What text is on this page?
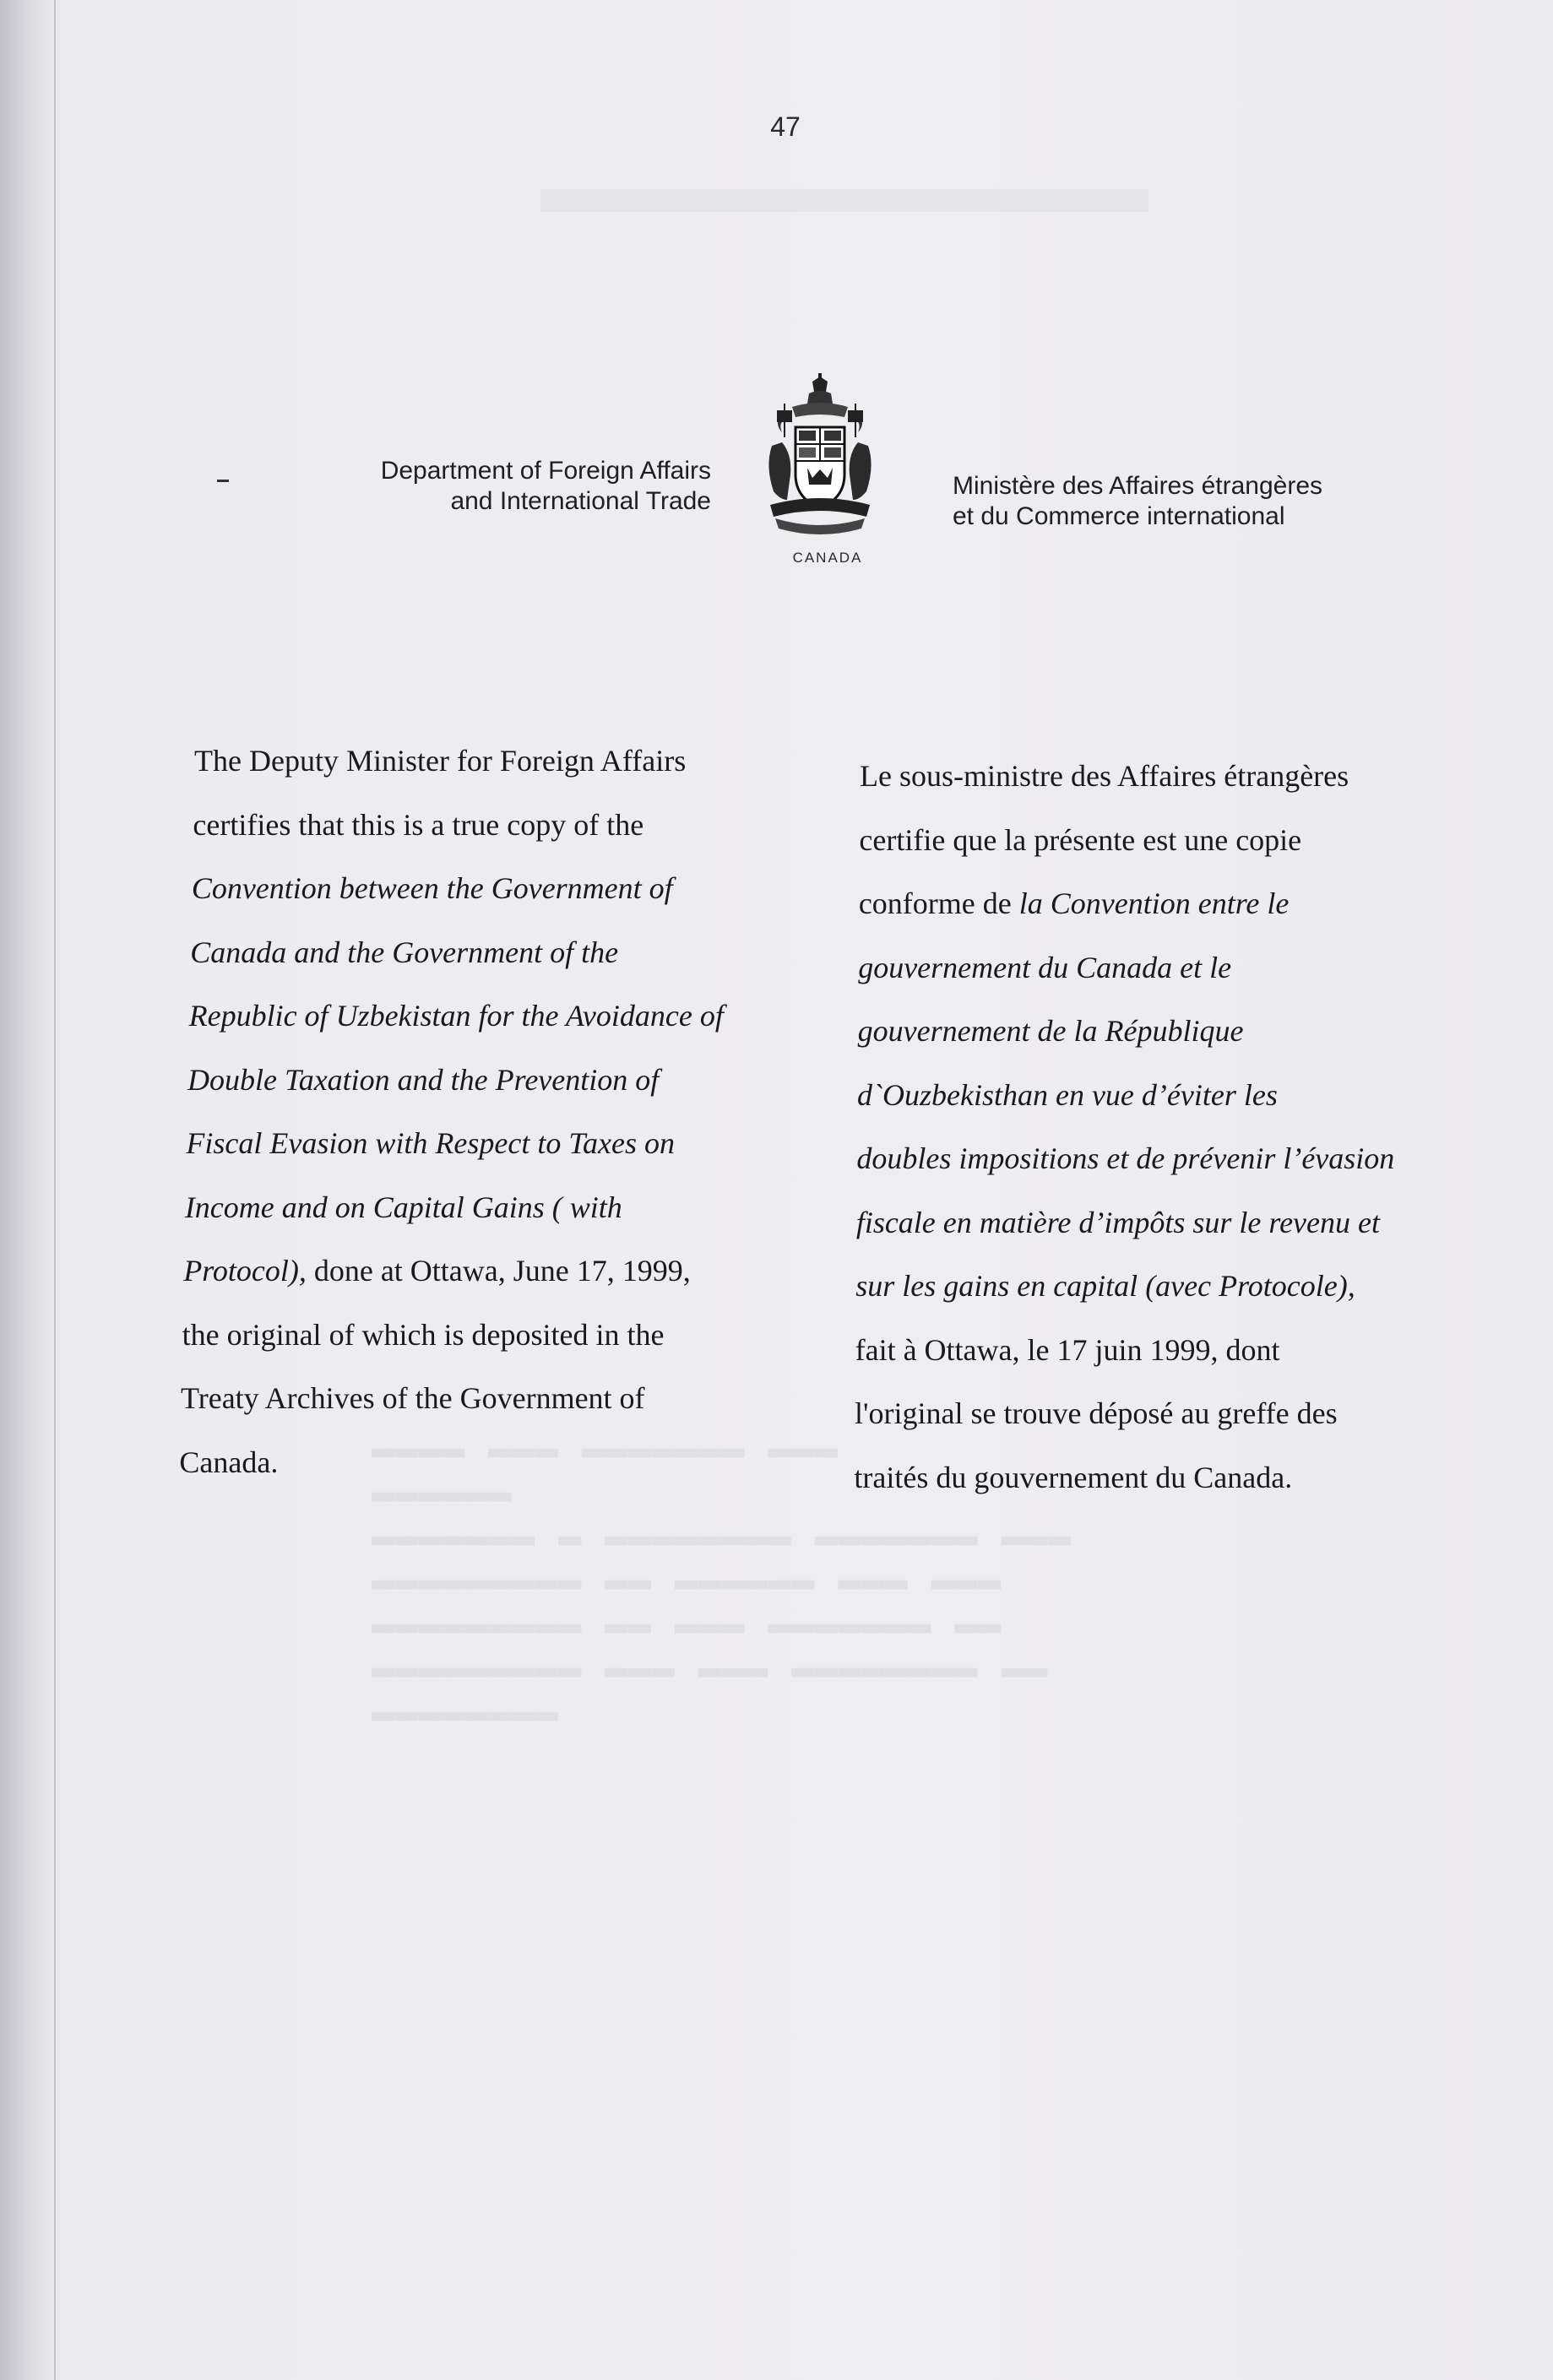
▬▬▬▬ ▬▬▬ ▬▬▬▬▬▬▬ ▬▬▬
▬▬▬▬▬▬
▬▬▬▬▬▬▬ ▬ ▬▬▬▬▬▬▬▬ ▬▬▬▬▬▬▬ ▬▬▬
▬▬▬▬▬▬▬▬▬ ▬▬ ▬▬▬▬▬▬ ▬▬▬ ▬▬▬
▬▬▬▬▬▬▬▬▬ ▬▬ ▬▬▬ ▬▬▬▬▬▬▬ ▬▬
▬▬▬▬▬▬▬▬▬ ▬▬▬ ▬▬▬ ▬▬▬▬▬▬▬▬ ▬▬
▬▬▬▬▬▬▬▬
▬▬▬▬▬▬▬▬
47
Department of Foreign Affairs
and International Trade
CANADA
Ministère des Affaires étrangères
et du Commerce international
The Deputy Minister for Foreign Affairs
certifies that this is a true copy of the
Convention between the Government of
Canada and the Government of the
Republic of Uzbekistan for the Avoidance of
Double Taxation and the Prevention of
Fiscal Evasion with Respect to Taxes on
Income and on Capital Gains ( with
Protocol), done at Ottawa, June 17, 1999,
the original of which is deposited in the
Treaty Archives of the Government of
Canada.
Le sous-ministre des Affaires étrangères
certifie que la présente est une copie
conforme de la Convention entre le
gouvernement du Canada et le
gouvernement de la République
d`Ouzbekisthan en vue d’éviter les
doubles impositions et de prévenir l’évasion
fiscale en matière d’impôts sur le revenu et
sur les gains en capital (avec Protocole),
fait à Ottawa, le 17 juin 1999, dont
l'original se trouve déposé au greffe des
traités du gouvernement du Canada.
